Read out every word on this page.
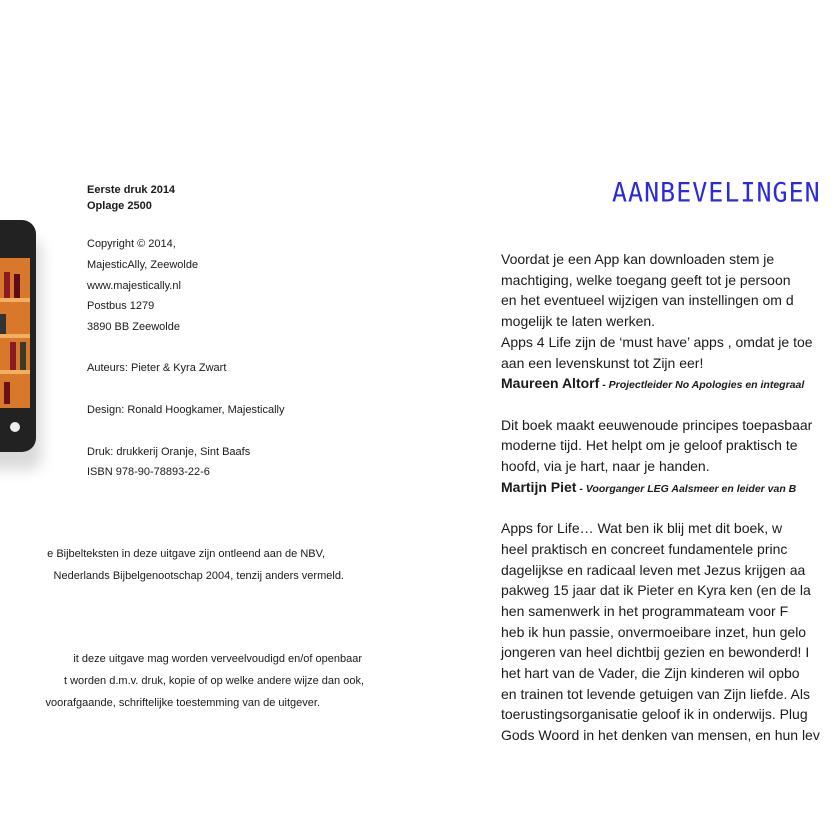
Eerste druk 2014
Oplage 2500
Copyright © 2014,
MajesticAlly, Zeewolde
www.majestically.nl
Postbus 1279
3890 BB Zeewolde
Auteurs: Pieter & Kyra Zwart
Design: Ronald Hoogkamer, Majestically
Druk: drukkerij Oranje, Sint Baafs
ISBN 978-90-78893-22-6
e Bijbelteksten in deze uitgave zijn ontleend aan de NBV,
Nederlands Bijbelgenootschap 2004, tenzij anders vermeld.
it deze uitgave mag worden verveelvoudigd en/of openbaar
t worden d.m.v. druk, kopie of op welke andere wijze dan ook,
voorafgaande, schriftelijke toestemming van de uitgever.
AANBEVELINGEN
Voordat je een App kan downloaden stem je
machtiging, welke toegang geeft tot je persoon
en het eventueel wijzigen van instellingen om d
mogelijk te laten werken.
Apps 4 Life zijn de ‘must have’ apps , omdat je toe
aan een levenskunst tot Zijn eer!
Maureen Altorf - Projectleider No Apologies en integraal
Dit boek maakt eeuwenoude principes toepasbaar
moderne tijd. Het helpt om je geloof praktisch te
hoofd, via je hart, naar je handen.
Martijn Piet - Voorganger LEG Aalsmeer en leider van B
Apps for Life… Wat ben ik blij met dit boek, w
heel praktisch en concreet fundamentele princ
dagelijkse en radicaal leven met Jezus krijgen aa
pakweg 15 jaar dat ik Pieter en Kyra ken (en de la
hen samenwerk in het programmateam voor F
heb ik hun passie, onvermoeibare inzet, hun gelo
jongeren van heel dichtbij gezien en bewonderd! I
het hart van de Vader, die Zijn kinderen wil opbo
en trainen tot levende getuigen van Zijn liefde. Als
toerustingsorganisatie geloof ik in onderwijs. Plug
Gods Woord in het denken van mensen, en hun lev
